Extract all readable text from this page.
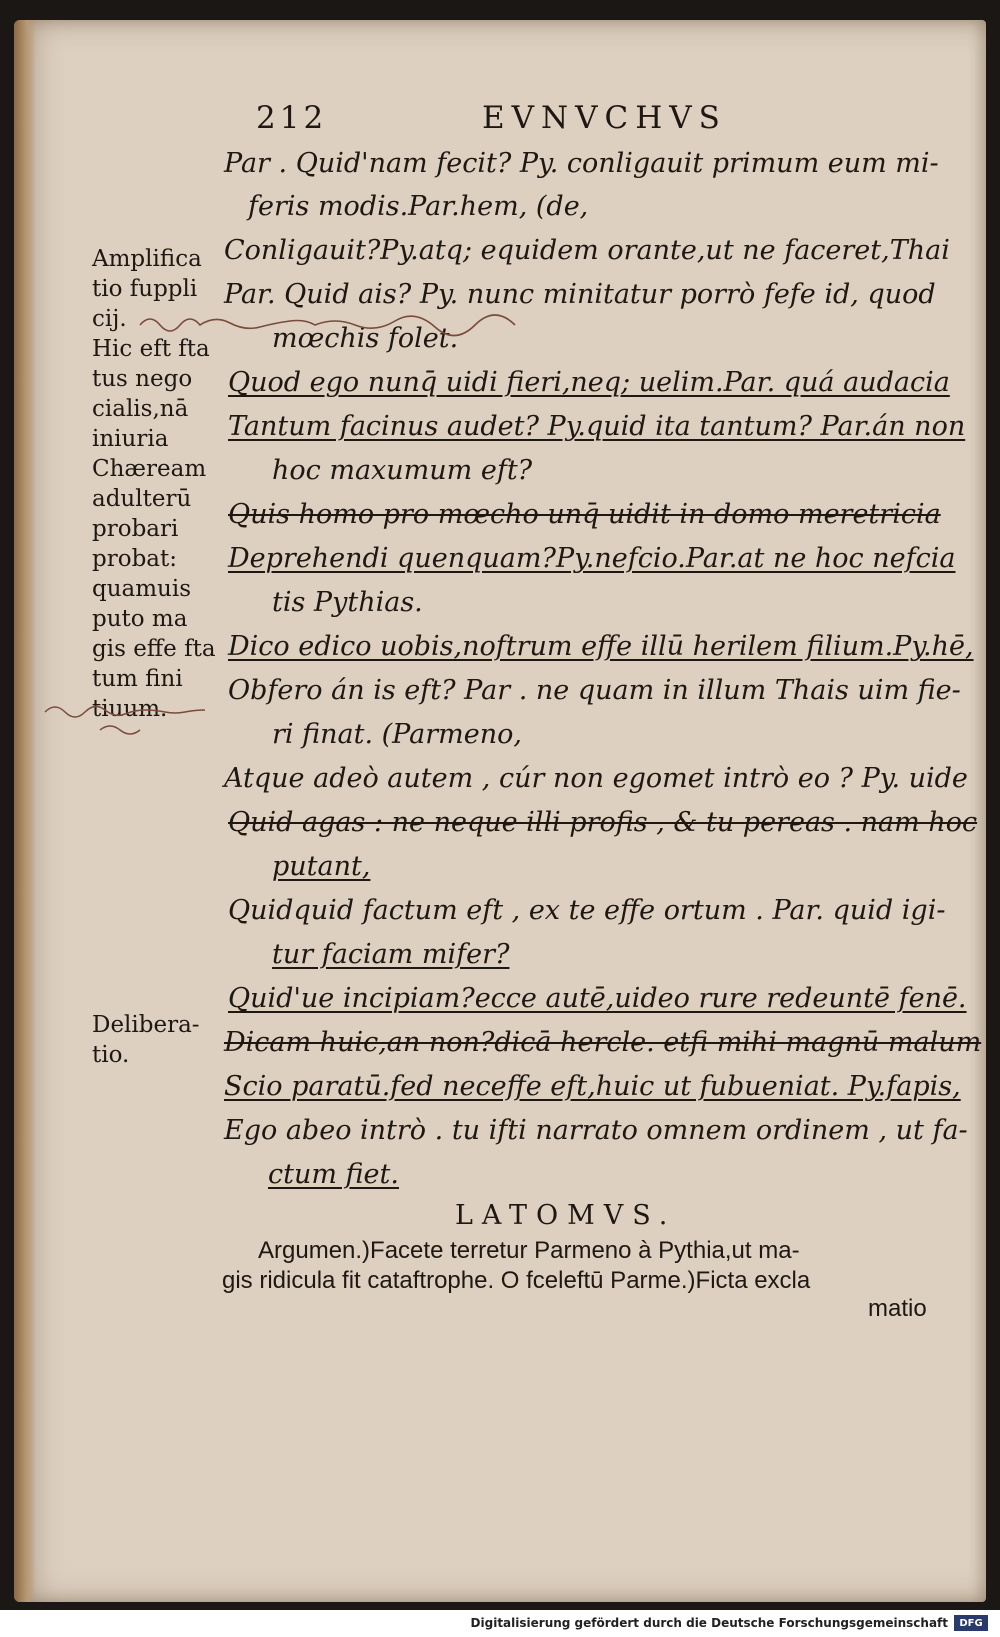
212	EVNVCHVS
Par . Quid'nam fecit? Py. conligauit primum eum mi-
feris modis.Par.hem, (de,
Conligauit?Py.atq; equidem orante,ut ne faceret,Thai
Par. Quid ais? Py. nunc minitatur porrò fefe id, quod
mœchis folet.
Quod ego nunq̄ uidi fieri,neq; uelim.Par. quá audacia
Tantum facinus audet? Py.quid ita tantum? Par.án non
hoc maxumum eft?
Quis homo pro mœcho unq̄ uidit in domo meretricia
Deprehendi quenquam?Py.nefcio.Par.at ne hoc nefcia
tis Pythias.
Dico edico uobis,noftrum effe illū herilem filium.Py.hē,
Obfero án is eft? Par . ne quam in illum Thais uim fie-
ri finat. (Parmeno,
Atque adeò autem , cúr non egomet intrò eo ? Py. uide
Quid agas : ne neque illi profis , & tu pereas . nam hoc
putant,
Quidquid factum eft , ex te effe ortum . Par. quid igi-
tur faciam mifer?
Quid'ue incipiam?ecce autē,uideo rure redeuntē fenē.
Dicam huic,an non?dicā hercle. etfi mihi magnū malum
Scio paratū.fed neceffe eft,huic ut fubueniat. Py.fapis,
Ego abeo intrò . tu ifti narrato omnem ordinem , ut fa-
ctum fiet.
Amplifica
tio fuppli
cij.
Hic eft fta
tus nego
cialis,nā
iniuria
Chæream
adulterū
probari
probat:
quamuis
puto ma
gis effe fta
tum fini
tiuum.
Delibera-
tio.
LATOMVS.
Argumen.)Facete terretur Parmeno à Pythia,ut ma-
gis ridicula fit cataftrophe. O fceleftū Parme.)Ficta excla
matio
Digitalisierung gefördert durch die Deutsche Forschungsgemeinschaft	DFG
